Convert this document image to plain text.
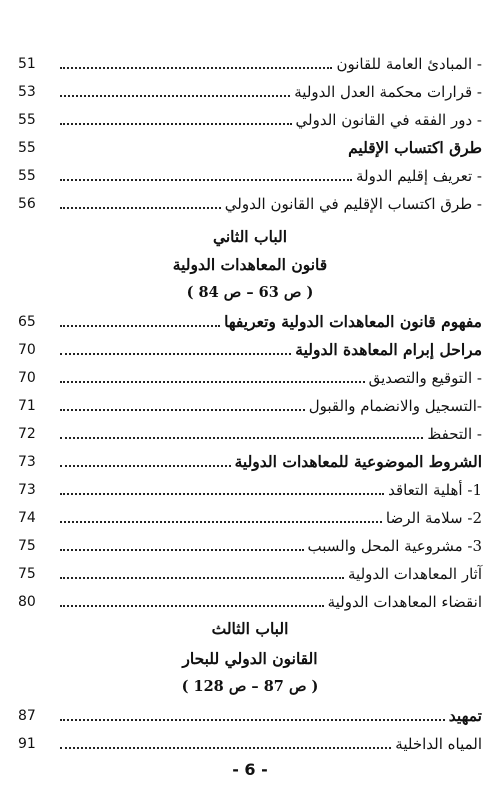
- المبادئ العامة للقانون
51
- قرارات محكمة العدل الدولية
53
- دور الفقه في القانون الدولي
55
طرق اكتساب الإقليم
55
- تعريف إقليم الدولة
55
- طرق اكتساب الإقليم في القانون الدولي
56
الباب الثاني
قانون المعاهدات الدولية
( ص 63 – ص 84 )
مفهوم قانون المعاهدات الدولية وتعريفها
65
مراحل إبرام المعاهدة الدولية
70
- التوقيع والتصديق
70
-التسجيل والانضمام والقبول
71
- التحفظ
72
الشروط الموضوعية للمعاهدات الدولية
73
1- أهلية التعاقد
73
2- سلامة الرضا
74
3- مشروعية المحل والسبب
75
آثار المعاهدات الدولية
75
انقضاء المعاهدات الدولية
80
الباب الثالث
القانون الدولي للبحار
( ص 87 – ص 128 )
تمهيد
87
المياه الداخلية
91
- 6 -
